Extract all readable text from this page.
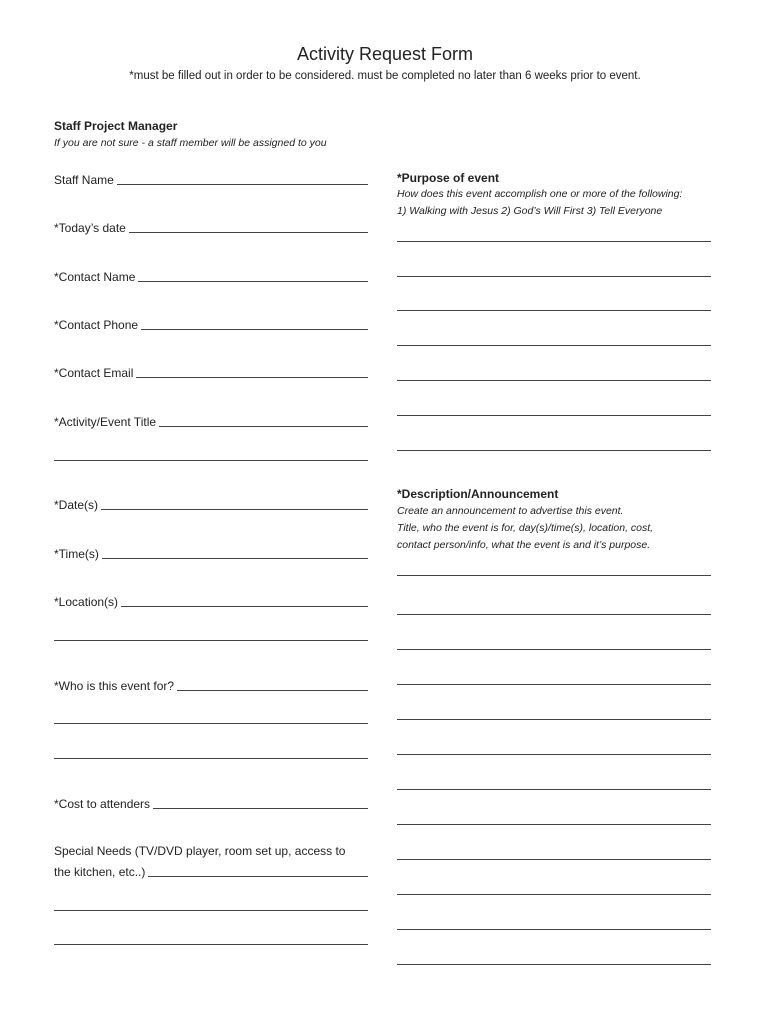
Activity Request Form
*must be filled out in order to be considered. must be completed no later than 6 weeks prior to event.
Staff Project Manager
If you are not sure - a staff member will be assigned to you
Staff Name
*Today’s date
*Contact Name
*Contact Phone
*Contact Email
*Activity/Event Title
*Date(s)
*Time(s)
*Location(s)
*Who is this event for?
*Cost to attenders
Special Needs (TV/DVD player, room set up, access to
the kitchen, etc..)
*Purpose of event
How does this event accomplish one or more of the following:
1) Walking with Jesus 2) God’s Will First 3) Tell Everyone
*Description/Announcement
Create an announcement to advertise this event.
Title, who the event is for, day(s)/time(s), location, cost,
contact person/info, what the event is and it’s purpose.
